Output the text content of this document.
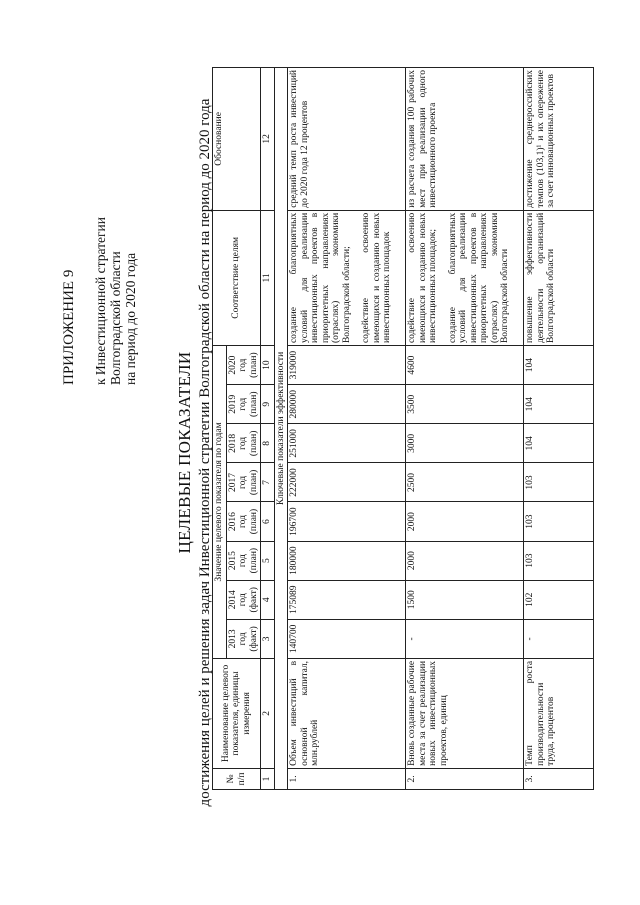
ПРИЛОЖЕНИЕ 9 к Инвестиционной стратегии Волгоградской области на период до 2020 года
ЦЕЛЕВЫЕ ПОКАЗАТЕЛИ достижения целей и решения задач Инвестиционной стратегии Волгоградской области на период до 2020 года № п/п	Наименование целевого показателя, единицы измерения	Значение целевого показателя по годам								Соответствие целям	Обоснование
		2013 год (факт)	2014 год (факт)	2015 год (план)	2016 год (план)	2017 год (план)	2018 год (план)	2019 год (план)	2020 год (план)		
1	2	3	4	5	6	7	8	9	10	11	12
Ключевые показатели эффективности											
1.	Объем инвестиций в основной капитал, млн.рублей	140700	175089	180000	196700	222000	251000	280000	319000	создание благоприятных условий для реализации инвестиционных проектов в приоритетных направлениях (отраслях) экономики Волгоградской области; содействие освоению имеющихся и созданию новых инвестиционных площадок	средний темп роста инвестиций до 2020 года 12 процентов
2.	Вновь созданные рабочие места за счет реализации новых инвестиционных проектов, единиц	-	1500	2000	2000	2500	3000	3500	4600	содействие освоению имеющихся и созданию новых инвестиционных площадок; создание благоприятных условий для реализации инвестиционных проектов в приоритетных направлениях (отраслях) экономики Волгоградской области	из расчета создания 100 рабочих мест при реализации одного инвестиционного проекта
3.	Темп роста производительности труда, процентов	-	102	103	103	103	104	104	104	повышение эффективности деятельности организаций Волгоградской области	достижение среднероссийских темпов (103,1)¹ и их опережение за счет инновационных проектов
